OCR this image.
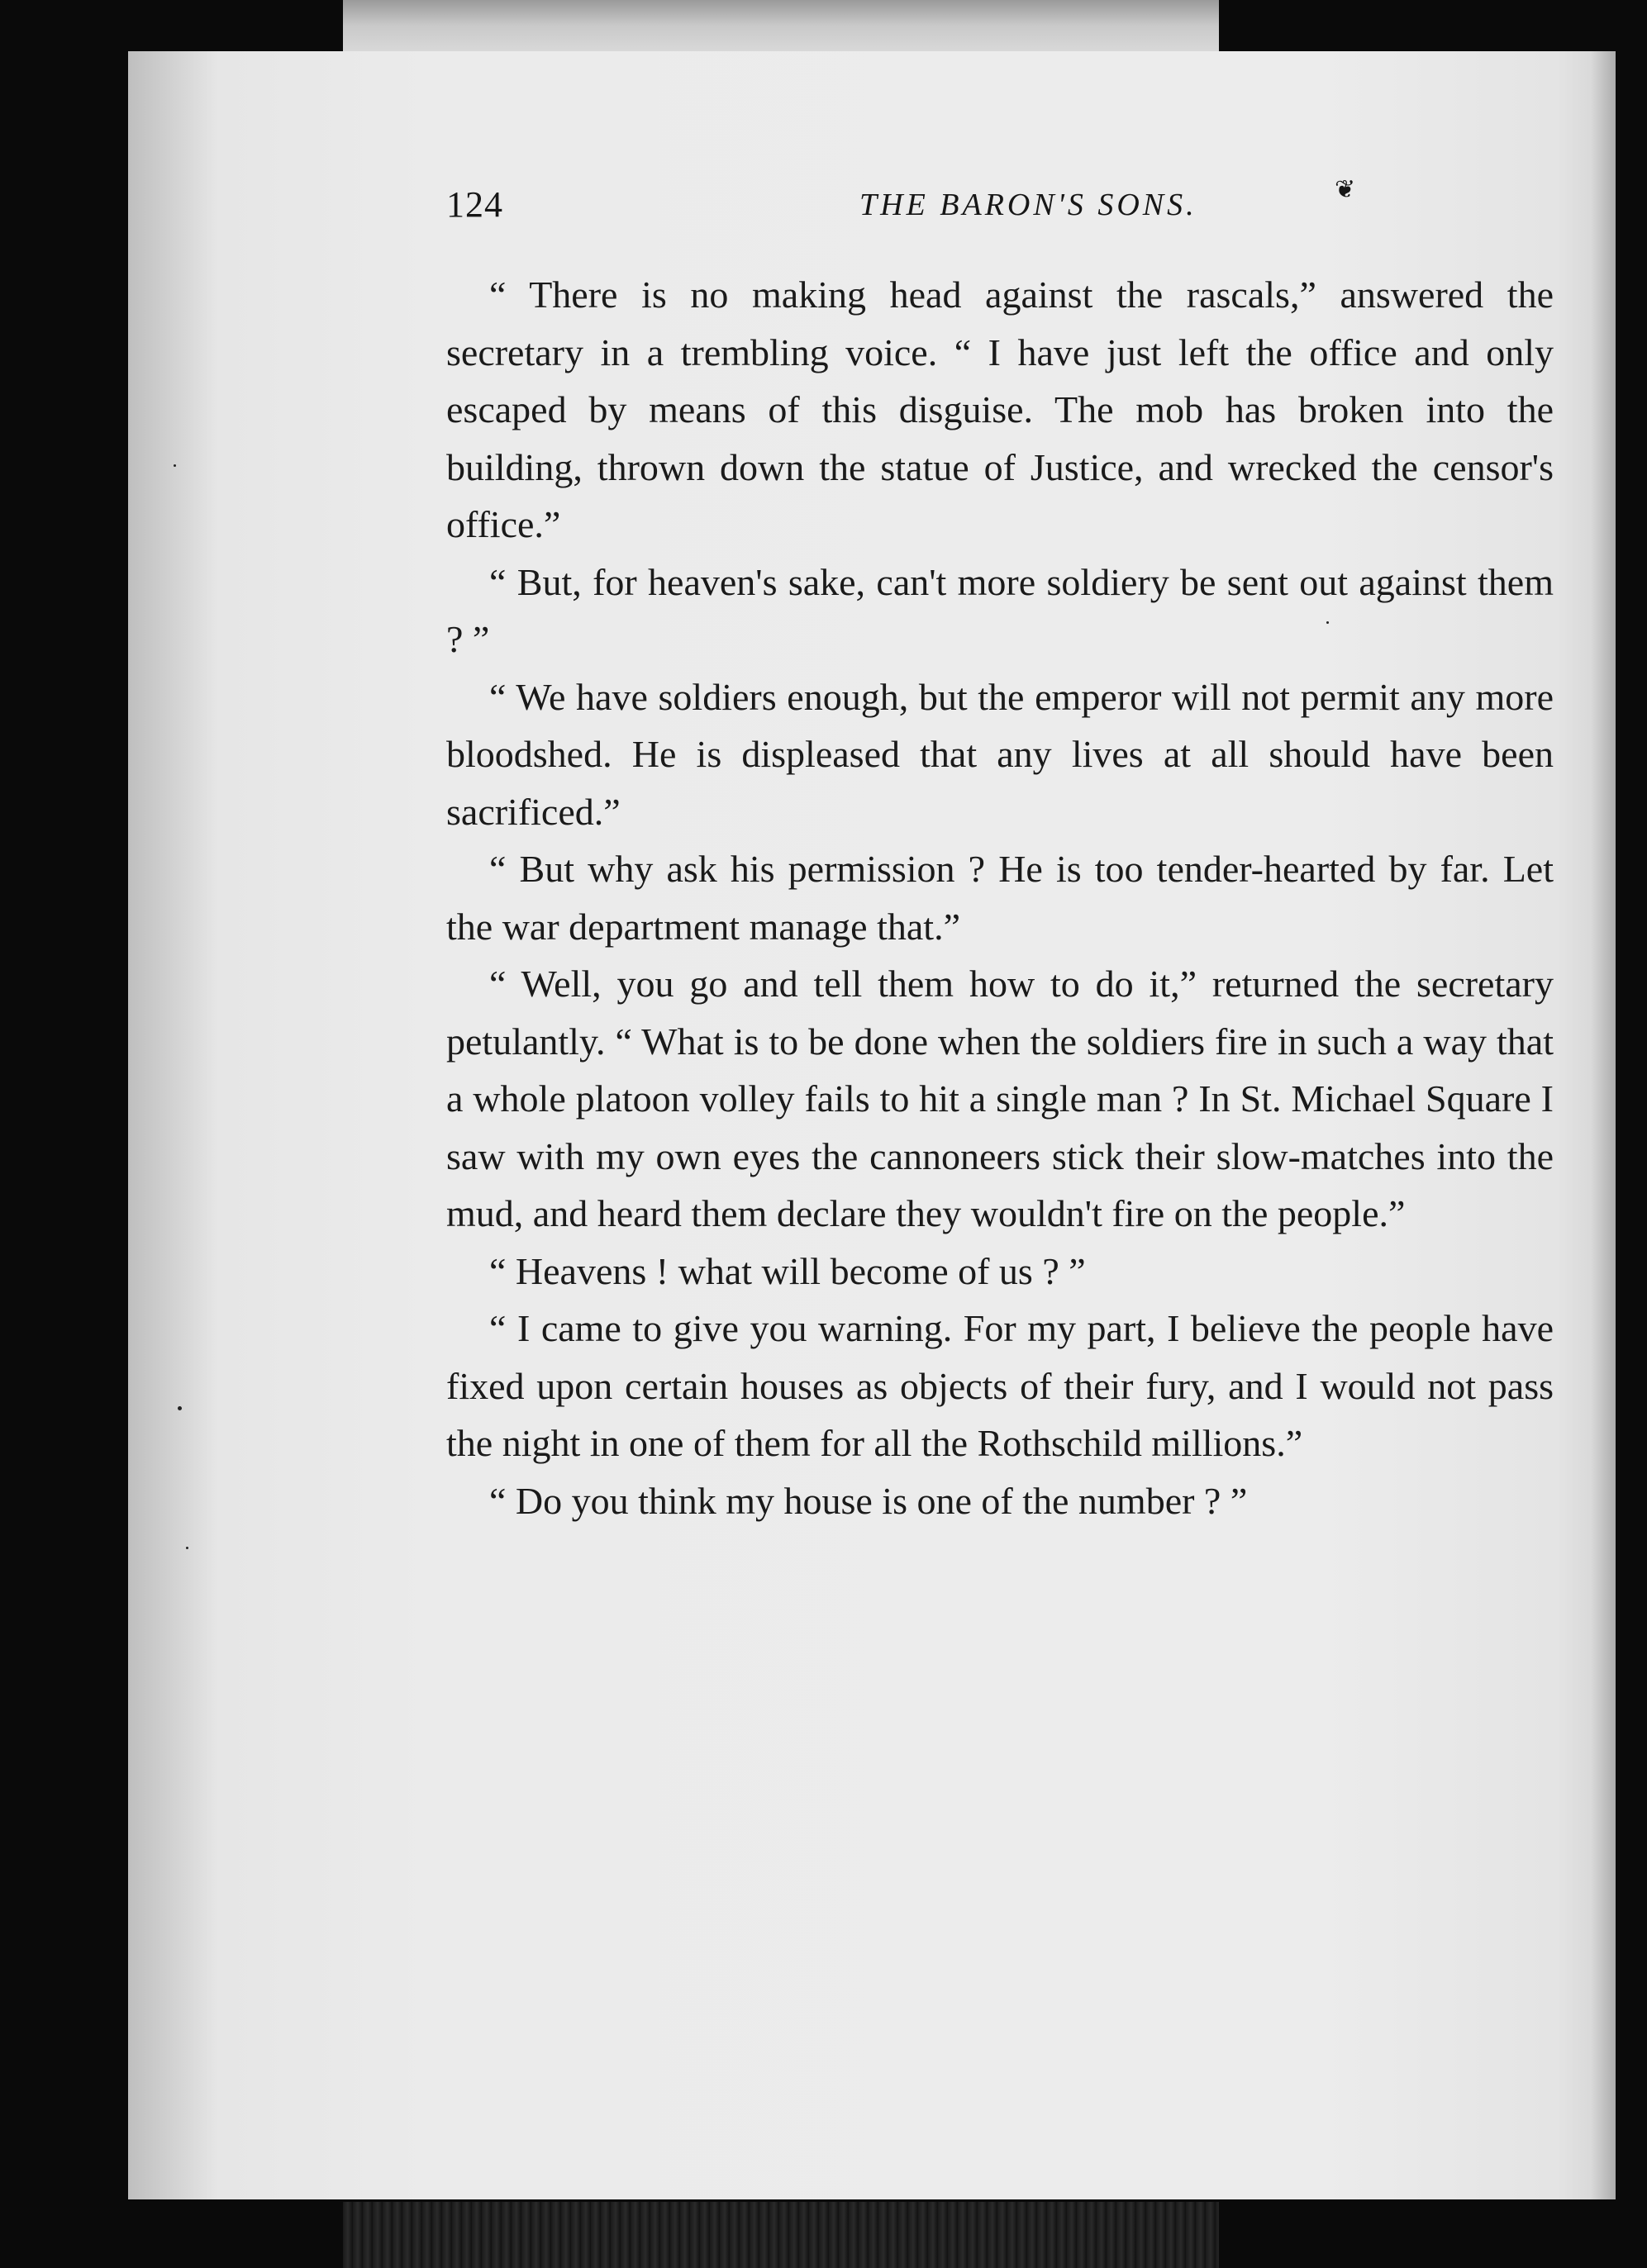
124	THE BARON'S SONS.	❦

“ There is no making head against the rascals,” answered the secretary in a trembling voice. “ I have just left the office and only escaped by means of this disguise. The mob has broken into the building, thrown down the statue of Justice, and wrecked the censor's office.”

“ But, for heaven's sake, can't more soldiery be sent out against them ? ”

“ We have soldiers enough, but the emperor will not permit any more bloodshed. He is displeased that any lives at all should have been sacrificed.”

“ But why ask his permission ? He is too tender-hearted by far. Let the war department manage that.”

“ Well, you go and tell them how to do it,” returned the secretary petulantly. “ What is to be done when the soldiers fire in such a way that a whole platoon volley fails to hit a single man ? In St. Michael Square I saw with my own eyes the cannoneers stick their slow-matches into the mud, and heard them declare they wouldn't fire on the people.”

“ Heavens ! what will become of us ? ”

“ I came to give you warning. For my part, I believe the people have fixed upon certain houses as objects of their fury, and I would not pass the night in one of them for all the Rothschild millions.”

“ Do you think my house is one of the number ? ”
